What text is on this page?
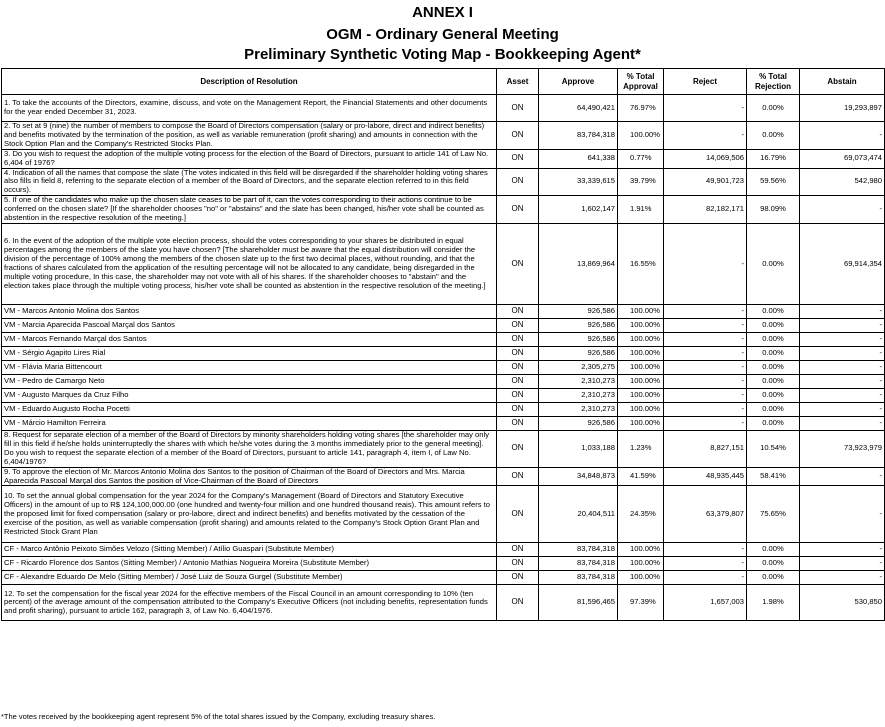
ANNEX I
OGM - Ordinary General Meeting
Preliminary Synthetic Voting Map - Bookkeeping Agent*
Description of Resolution	Asset	Approve	% Total Approval	Reject	% Total Rejection	Abstain
1. To take the accounts of the Directors, examine, discuss, and vote on the Management Report, the Financial Statements and other documents for the year ended December 31, 2023.	ON	64,490,421	76.97%	-	0.00%	19,293,897
2. To set at 9 (nine) the number of members to compose the Board of Directors compensation (salary or pro-labore, direct and indirect benefits) and benefits motivated by the termination of the position, as well as variable remuneration (profit sharing) and amounts in connection with the Stock Option Plan and the Company's Restricted Stocks Plan.	ON	83,784,318	100.00%	-	0.00%	-
3. Do you wish to request the adoption of the multiple voting process for the election of the Board of Directors, pursuant to article 141 of Law No. 6,404 of 1976?	ON	641,338	0.77%	14,069,506	16.79%	69,073,474
4. Indication of all the names that compose the slate (The votes indicated in this field will be disregarded if the shareholder holding voting shares also fills in field 8, referring to the separate election of a member of the Board of Directors, and the separate election referred to in this field occurs).	ON	33,339,615	39.79%	49,901,723	59.56%	542,980
5. If one of the candidates who make up the chosen slate ceases to be part of it, can the votes corresponding to their actions continue to be conferred on the chosen slate? [If the shareholder chooses "no" or "abstains" and the slate has been changed, his/her vote shall be counted as abstention in the respective resolution of the meeting.]	ON	1,602,147	1.91%	82,182,171	98.09%	-
6. In the event of the adoption of the multiple vote election process, should the votes corresponding to your shares be distributed in equal percentages among the members of the slate you have chosen? [The shareholder must be aware that the equal distribution will consider the division of the percentage of 100% among the members of the chosen slate up to the first two decimal places, without rounding, and that the fractions of shares calculated from the application of the resulting percentage will not be allocated to any candidate, being disregarded in the multiple voting procedure, In this case, the shareholder may not vote with all of his shares. If the shareholder chooses to "abstain" and the election takes place through the multiple voting process, his/her vote shall be counted as abstention in the respective resolution of the meeting.]	ON	13,869,964	16.55%	-	0.00%	69,914,354
VM - Marcos Antonio Molina dos Santos	ON	926,586	100.00%	-	0.00%	-
VM - Marcia Aparecida Pascoal Marçal dos Santos	ON	926,586	100.00%	-	0.00%	-
VM - Marcos Fernando Marçal dos Santos	ON	926,586	100.00%	-	0.00%	-
VM - Sérgio Agapito Lires Rial	ON	926,586	100.00%	-	0.00%	-
VM - Flávia Maria Bittencourt	ON	2,305,275	100.00%	-	0.00%	-
VM - Pedro de Camargo Neto	ON	2,310,273	100.00%	-	0.00%	-
VM - Augusto Marques da Cruz Filho	ON	2,310,273	100.00%	-	0.00%	-
VM - Eduardo Augusto Rocha Pocetti	ON	2,310,273	100.00%	-	0.00%	-
VM - Márcio Hamilton Ferreira	ON	926,586	100.00%	-	0.00%	-
8. Request for separate election of a member of the Board of Directors by minority shareholders holding voting shares [the shareholder may only fill in this field if he/she holds uninterruptedly the shares with which he/she votes during the 3 months immediately prior to the general meeting]. Do you wish to request the separate election of a member of the Board of Directors, pursuant to article 141, paragraph 4, item I, of Law No. 6,404/1976?	ON	1,033,188	1.23%	8,827,151	10.54%	73,923,979
9. To approve the election of Mr. Marcos Antonio Molina dos Santos to the position of Chairman of the Board of Directors and Mrs. Marcia Aparecida Pascoal Marçal dos Santos the position of Vice-Chairman of the Board of Directors	ON	34,848,873	41.59%	48,935,445	58.41%	-
10. To set the annual global compensation for the year 2024 for the Company's Management (Board of Directors and Statutory Executive Officers) in the amount of up to R$ 124,100,000.00 (one hundred and twenty-four million and one hundred thousand reais). This amount refers to the proposed limit for fixed compensation (salary or pro-labore, direct and indirect benefits) and benefits motivated by the cessation of the exercise of the position, as well as variable compensation (profit sharing) and amounts related to the Company's Stock Option Grant Plan and Restricted Stock Grant Plan	ON	20,404,511	24.35%	63,379,807	75.65%	-
CF - Marco Antônio Peixoto Simões Velozo (Sitting Member) / Atílio Guaspari (Substitute Member)	ON	83,784,318	100.00%	-	0.00%	-
CF - Ricardo Florence dos Santos (Sitting Member) / Antonio Mathias Nogueira Moreira (Substitute Member)	ON	83,784,318	100.00%	-	0.00%	-
CF - Alexandre Eduardo De Melo (Sitting Member) / José Luiz de Souza Gurgel (Substitute Member)	ON	83,784,318	100.00%	-	0.00%	-
12. To set the compensation for the fiscal year 2024 for the effective members of the Fiscal Council in an amount corresponding to 10% (ten percent) of the average amount of the compensation attributed to the Company's Executive Officers (not including benefits, representation funds and profit sharing), pursuant to article 162, paragraph 3, of Law No. 6,404/1976.	ON	81,596,465	97.39%	1,657,003	1.98%	530,850
*The votes received by the bookkeeping agent represent 5% of the total shares issued by the Company, excluding treasury shares.
